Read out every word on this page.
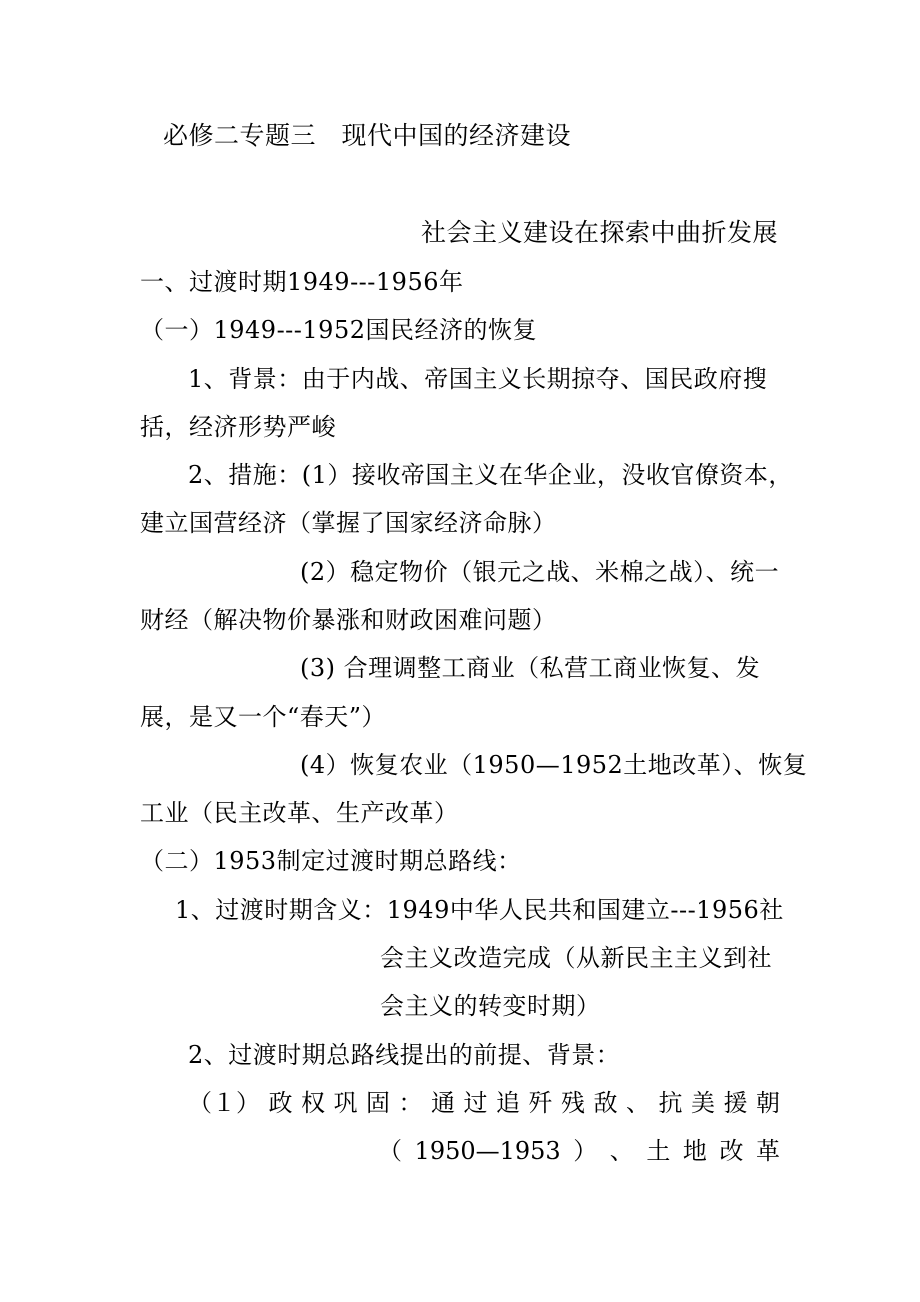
必修二专题三　现代中国的经济建设
社会主义建设在探索中曲折发展
一、过渡时期1949---1956年
（一）1949---1952国民经济的恢复
1、背景：由于内战、帝国主义长期掠夺、国民政府搜
括，经济形势严峻
2、措施：(1）接收帝国主义在华企业，没收官僚资本，
建立国营经济（掌握了国家经济命脉）
(2）稳定物价（银元之战、米棉之战）、统一
财经（解决物价暴涨和财政困难问题）
(3) 合理调整工商业（私营工商业恢复、发
展，是又一个“春天”）
(4）恢复农业（1950—1952土地改革）、恢复
工业（民主改革、生产改革）
（二）1953制定过渡时期总路线：
1、过渡时期含义：1949中华人民共和国建立---1956社
会主义改造完成（从新民主主义到社
会主义的转变时期）
2、过渡时期总路线提出的前提、背景：
（１） 政 权 巩 固 ： 通 过 追 歼 残 敌 、 抗 美 援 朝
（ 1950—1953 ） 、 土 地 改 革
